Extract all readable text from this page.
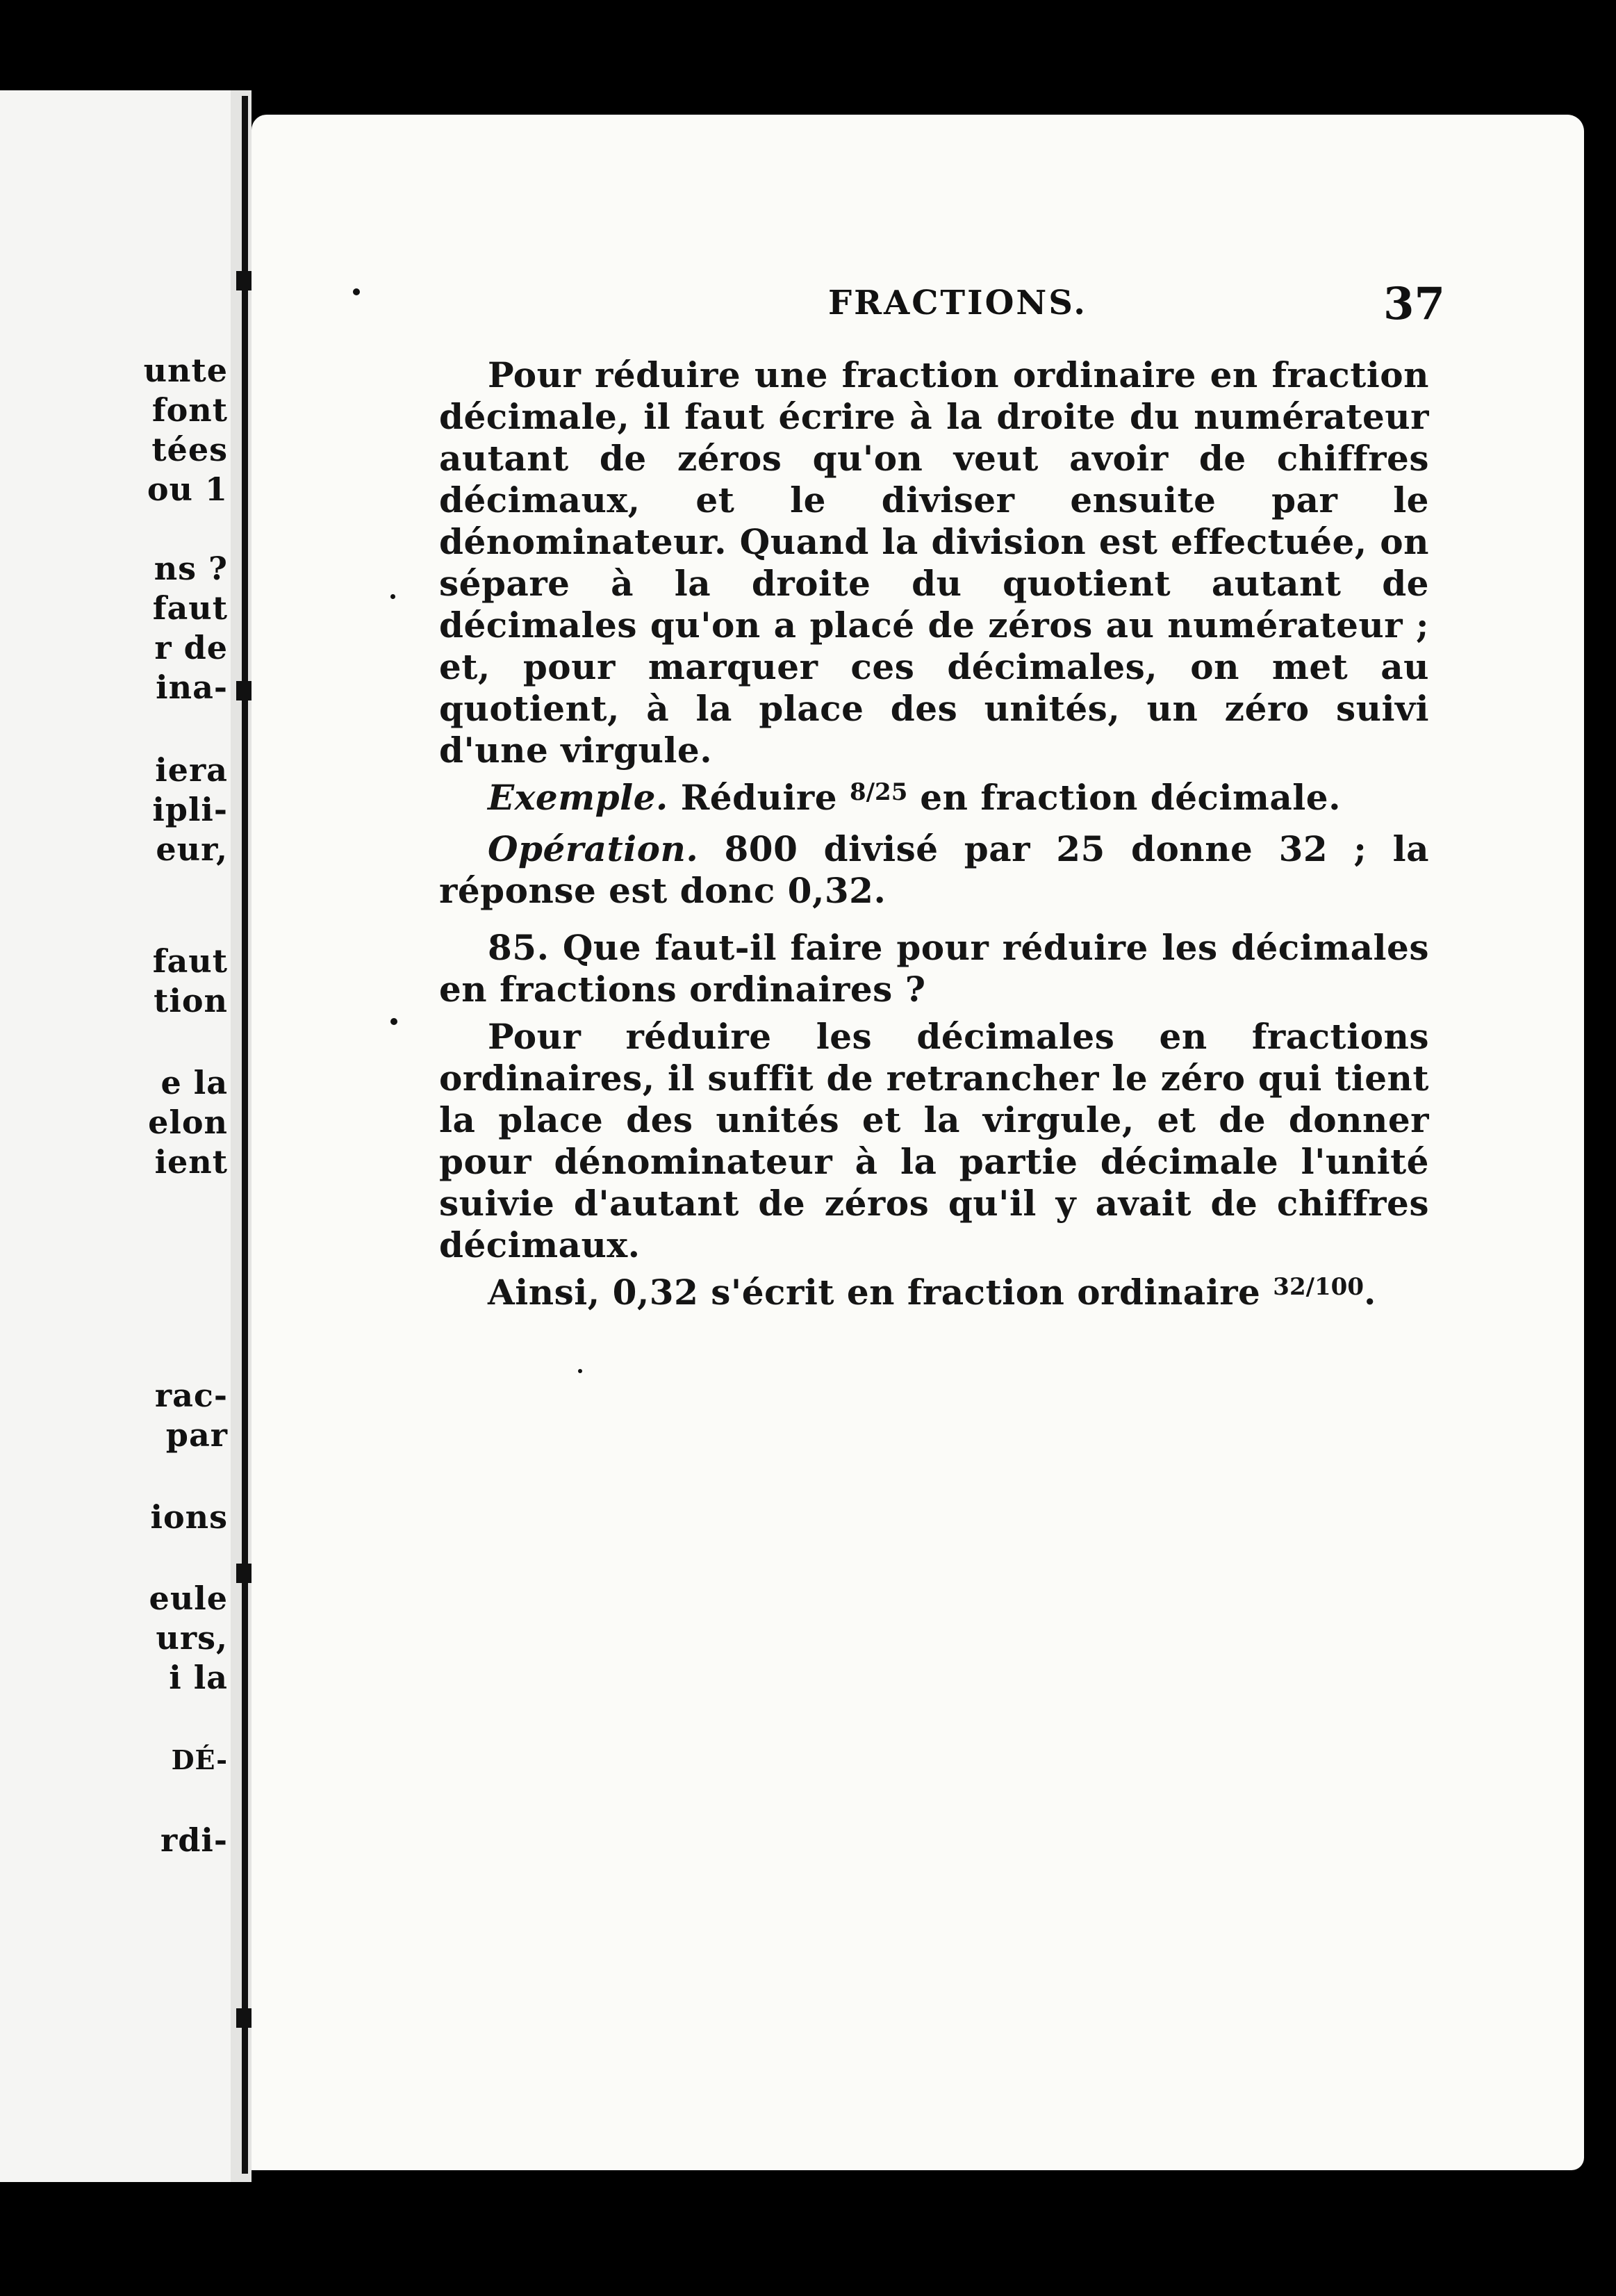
unte
font
tées
ou 1
ns ?
faut
r de
ina-
iera
ipli-
eur,
faut
tion
e la
elon
ient
rac-
par
ions
eule
urs,
i la
DÉ-
rdi-
FRACTIONS.	37

Pour réduire une fraction ordinaire en fraction décimale, il faut écrire à la droite du numérateur autant de zéros qu'on veut avoir de chiffres décimaux, et le diviser ensuite par le dénominateur. Quand la division est effectuée, on sépare à la droite du quotient autant de décimales qu'on a placé de zéros au numérateur ; et, pour marquer ces décimales, on met au quotient, à la place des unités, un zéro suivi d'une virgule.

Exemple. Réduire $^{8/25}$ en fraction décimale.

Opération. 800 divisé par 25 donne 32 ; la réponse est donc 0,32.

85. Que faut-il faire pour réduire les décimales en fractions ordinaires ?

Pour réduire les décimales en fractions ordinaires, il suffit de retrancher le zéro qui tient la place des unités et la virgule, et de donner pour dénominateur à la partie décimale l'unité suivie d'autant de zéros qu'il y avait de chiffres décimaux.

Ainsi, 0,32 s'écrit en fraction ordinaire $^{32/100}$.
